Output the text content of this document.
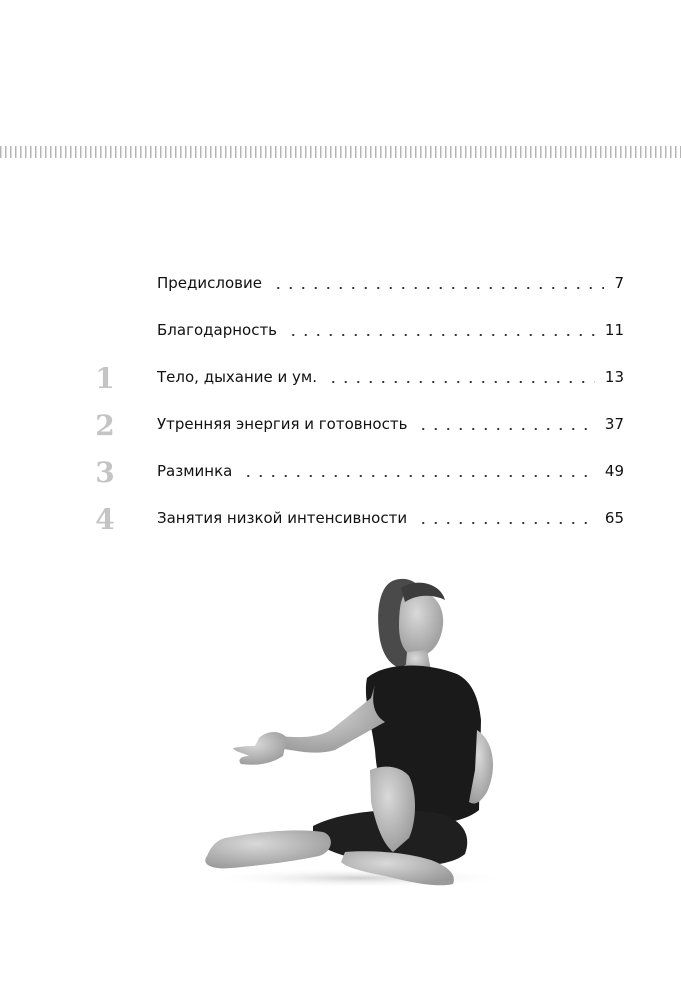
Предисловие	7
Благодарность	11
1	Тело, дыхание и ум.	13
2	Утренняя энергия и готовность	37
3	Разминка	49
4	Занятия низкой интенсивности	65
